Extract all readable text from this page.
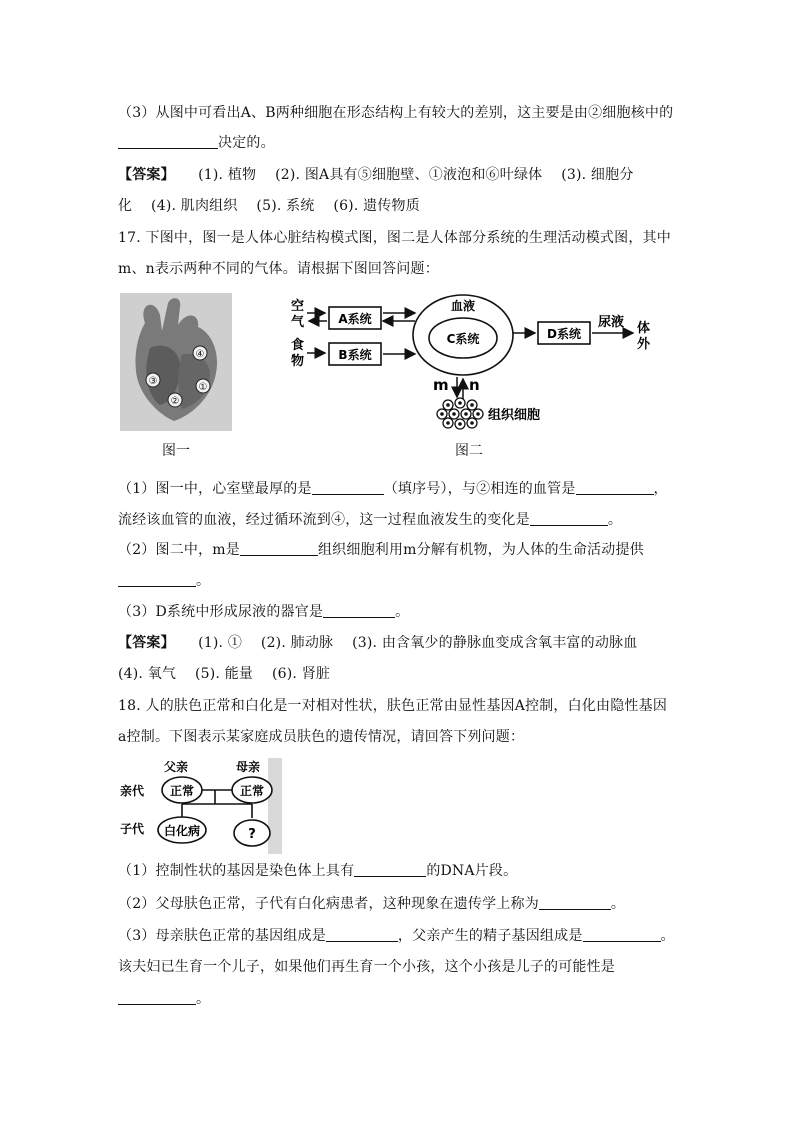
（3）从图中可看出A、B两种细胞在形态结构上有较大的差别，这主要是由②细胞核中的
决定的。
【答案】 (1). 植物　 (2). 图A具有⑤细胞壁、①液泡和⑥叶绿体　 (3). 细胞分
化　 (4). 肌肉组织　 (5). 系统　 (6). 遗传物质
17. 下图中，图一是人体心脏结构模式图，图二是人体部分系统的生理活动模式图，其中
m、n表示两种不同的气体。请根据下图回答问题：
④
③
①
②
图一
空
气
食
物
A系统
B系统
血液
C系统	D系统
尿液 体
外
m n
组织细胞
图二
（1）图一中，心室壁最厚的是	（填序号），与②相连的血管是	，
流经该血管的血液，经过循环流到④，这一过程血液发生的变化是	。
（2）图二中，m是	组织细胞利用m分解有机物，为人体的生命活动提供
。
（3）D系统中形成尿液的器官是	。
【答案】 (1). ①　 (2). 肺动脉　 (3). 由含氧少的静脉血变成含氧丰富的动脉血
(4). 氧气　 (5). 能量　 (6). 肾脏
18. 人的肤色正常和白化是一对相对性状，肤色正常由显性基因A控制，白化由隐性基因
a控制。下图表示某家庭成员肤色的遗传情况，请回答下列问题：
父亲	母亲
亲代
子代
正常	正常
白化病	?
（1）控制性状的基因是染色体上具有	的DNA片段。
（2）父母肤色正常，子代有白化病患者，这种现象在遗传学上称为	。
（3）母亲肤色正常的基因组成是	，父亲产生的精子基因组成是	。
该夫妇已生育一个儿子，如果他们再生育一个小孩，这个小孩是儿子的可能性是
。
